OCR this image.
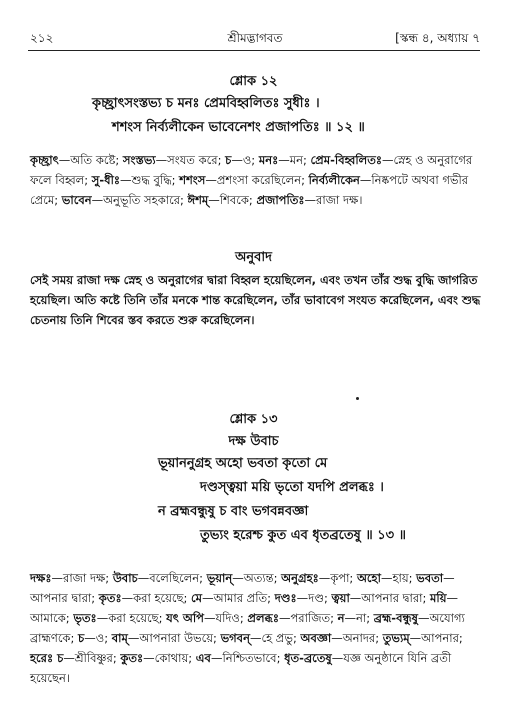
২১২	শ্রীমদ্ভাগবত	[স্কন্ধ ৪, অধ্যায় ৭
শ্লোক ১২
কৃচ্ছ্রাৎসংস্তভ্য চ মনঃ প্রেমবিহ্বলিতঃ সুধীঃ ।
শশংস নির্ব্যলীকেন ভাবেনেশং প্রজাপতিঃ ॥ ১২ ॥

কৃচ্ছ্রাৎ—অতি কষ্টে; সংস্তভ্য—সংযত করে; চ—ও; মনঃ—মন; প্রেম-বিহ্বলিতঃ—স্নেহ ও অনুরাগের ফলে বিহ্বল; সু-ধীঃ—শুদ্ধ বুদ্ধি; শশংস—প্রশংসা করেছিলেন; নির্ব্যলীকেন—নিষ্কপটে অথবা গভীর প্রেমে; ভাবেন—অনুভূতি সহকারে; ঈশম্—শিবকে; প্রজাপতিঃ—রাজা দক্ষ।

অনুবাদ

সেই সময় রাজা দক্ষ স্নেহ ও অনুরাগের দ্বারা বিহ্বল হয়েছিলেন, এবং তখন তাঁর শুদ্ধ বুদ্ধি জাগরিত হয়েছিল। অতি কষ্টে তিনি তাঁর মনকে শান্ত করেছিলেন, তাঁর ভাবাবেগ সংযত করেছিলেন, এবং শুদ্ধ চেতনায় তিনি শিবের স্তব করতে শুরু করেছিলেন।

শ্লোক ১৩
দক্ষ উবাচ
ভূয়াননুগ্রহ অহো ভবতা কৃতো মে
দণ্ডস্ত্বয়া ময়ি ভৃতো যদপি প্রলব্ধঃ ।
ন ব্রহ্মবন্ধুষু চ বাং ভগবন্নবজ্ঞা
তুভ্যং হরেশ্চ কুত এব ধৃতব্রতেষু ॥ ১৩ ॥

দক্ষঃ—রাজা দক্ষ; উবাচ—বলেছিলেন; ভূয়ান্—অত্যন্ত; অনুগ্রহঃ—কৃপা; অহো—হায়; ভবতা—আপনার দ্বারা; কৃতঃ—করা হয়েছে; মে—আমার প্রতি; দণ্ডঃ—দণ্ড; ত্বয়া—আপনার দ্বারা; ময়ি—আমাকে; ভৃতঃ—করা হয়েছে; যৎ অপি—যদিও; প্রলব্ধঃ—পরাজিত; ন—না; ব্রহ্ম-বন্ধুষু—অযোগ্য ব্রাহ্মণকে; চ—ও; বাম্—আপনারা উভয়ে; ভগবন্—হে প্রভু; অবজ্ঞা—অনাদর; তুভ্যম্—আপনার; হরেঃ চ—শ্রীবিষ্ণুর; কুতঃ—কোথায়; এব—নিশ্চিতভাবে; ধৃত-ব্রতেষু—যজ্ঞ অনুষ্ঠানে যিনি ব্রতী হয়েছেন।
